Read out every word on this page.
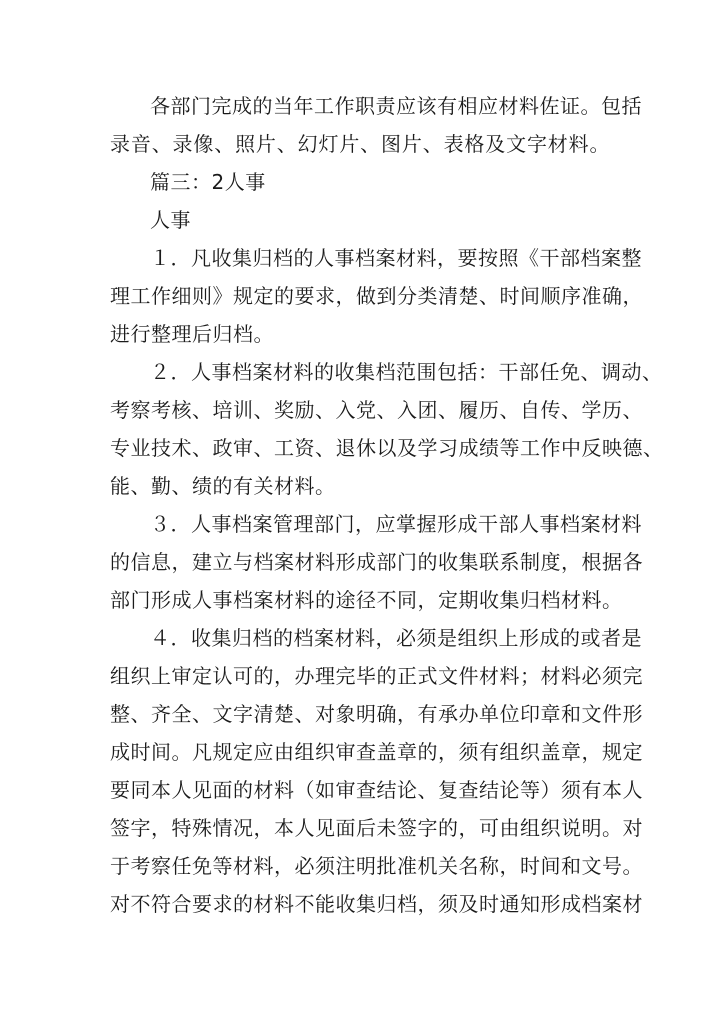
各部门完成的当年工作职责应该有相应材料佐证。包括
录音、录像、照片、幻灯片、图片、表格及文字材料。
篇三：2人事
人事
１．凡收集归档的人事档案材料，要按照《干部档案整
理工作细则》规定的要求，做到分类清楚、时间顺序准确，
进行整理后归档。
２．人事档案材料的收集档范围包括：干部任免、调动、
考察考核、培训、奖励、入党、入团、履历、自传、学历、
专业技术、政审、工资、退休以及学习成绩等工作中反映德、
能、勤、绩的有关材料。
３．人事档案管理部门，应掌握形成干部人事档案材料
的信息，建立与档案材料形成部门的收集联系制度，根据各
部门形成人事档案材料的途径不同，定期收集归档材料。
４．收集归档的档案材料，必须是组织上形成的或者是
组织上审定认可的，办理完毕的正式文件材料；材料必须完
整、齐全、文字清楚、对象明确，有承办单位印章和文件形
成时间。凡规定应由组织审查盖章的，须有组织盖章，规定
要同本人见面的材料（如审查结论、复查结论等）须有本人
签字，特殊情况，本人见面后未签字的，可由组织说明。对
于考察任免等材料，必须注明批准机关名称，时间和文号。
对不符合要求的材料不能收集归档，须及时通知形成档案材
